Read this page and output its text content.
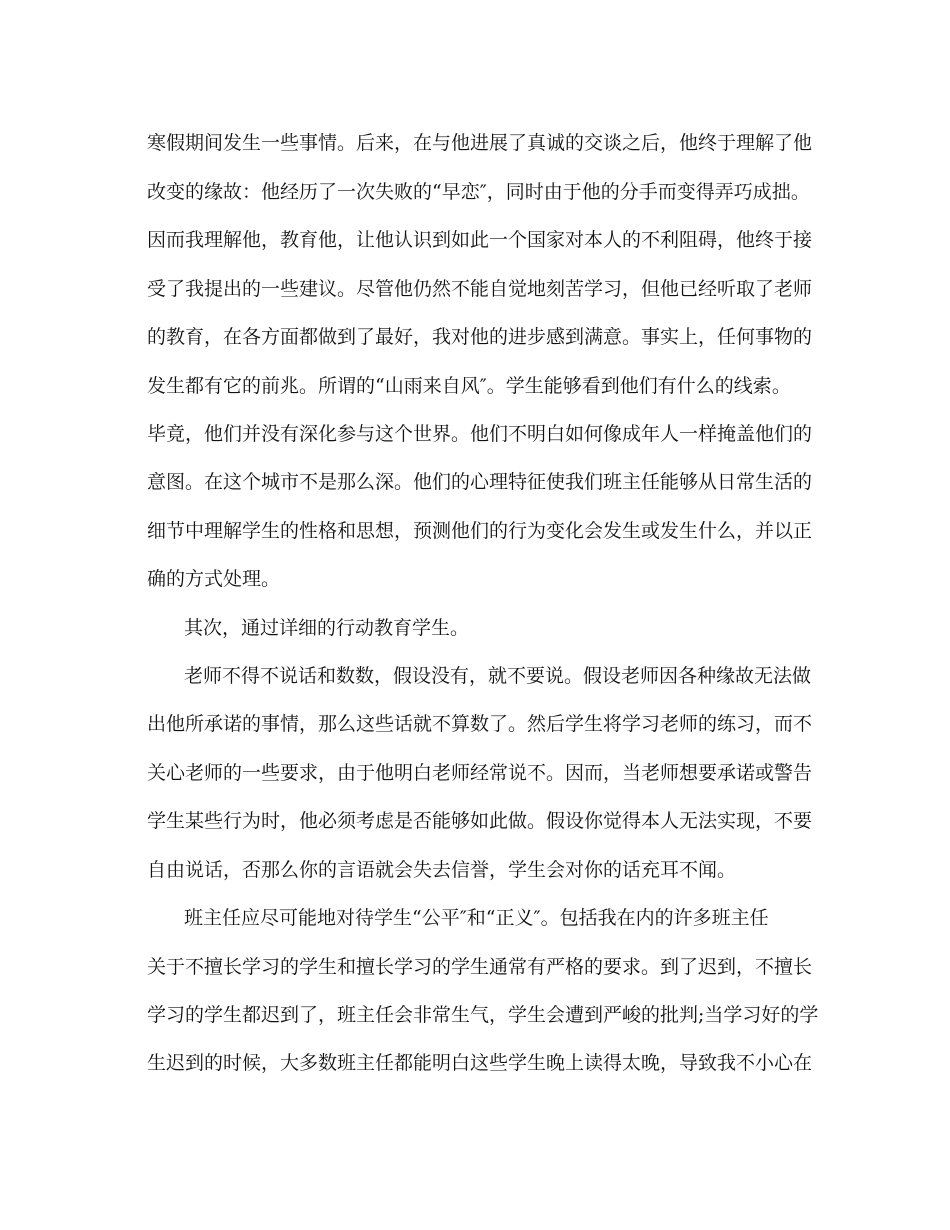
寒假期间发生一些事情。后来，在与他进展了真诚的交谈之后，他终于理解了他
改变的缘故：他经历了一次失败的“早恋″，同时由于他的分手而变得弄巧成拙。
因而我理解他，教育他，让他认识到如此一个国家对本人的不利阻碍，他终于接
受了我提出的一些建议。尽管他仍然不能自觉地刻苦学习，但他已经听取了老师
的教育，在各方面都做到了最好，我对他的进步感到满意。事实上，任何事物的
发生都有它的前兆。所谓的“山雨来自风″。学生能够看到他们有什么的线索。
毕竟，他们并没有深化参与这个世界。他们不明白如何像成年人一样掩盖他们的
意图。在这个城市不是那么深。他们的心理特征使我们班主任能够从日常生活的
细节中理解学生的性格和思想，预测他们的行为变化会发生或发生什么，并以正
确的方式处理。
其次，通过详细的行动教育学生。
老师不得不说话和数数，假设没有，就不要说。假设老师因各种缘故无法做
出他所承诺的事情，那么这些话就不算数了。然后学生将学习老师的练习，而不
关心老师的一些要求，由于他明白老师经常说不。因而，当老师想要承诺或警告
学生某些行为时，他必须考虑是否能够如此做。假设你觉得本人无法实现，不要
自由说话，否那么你的言语就会失去信誉，学生会对你的话充耳不闻。
班主任应尽可能地对待学生“公平″和“正义″。包括我在内的许多班主任
关于不擅长学习的学生和擅长学习的学生通常有严格的要求。到了迟到，不擅长
学习的学生都迟到了，班主任会非常生气，学生会遭到严峻的批判;当学习好的学
生迟到的时候，大多数班主任都能明白这些学生晚上读得太晚，导致我不小心在
